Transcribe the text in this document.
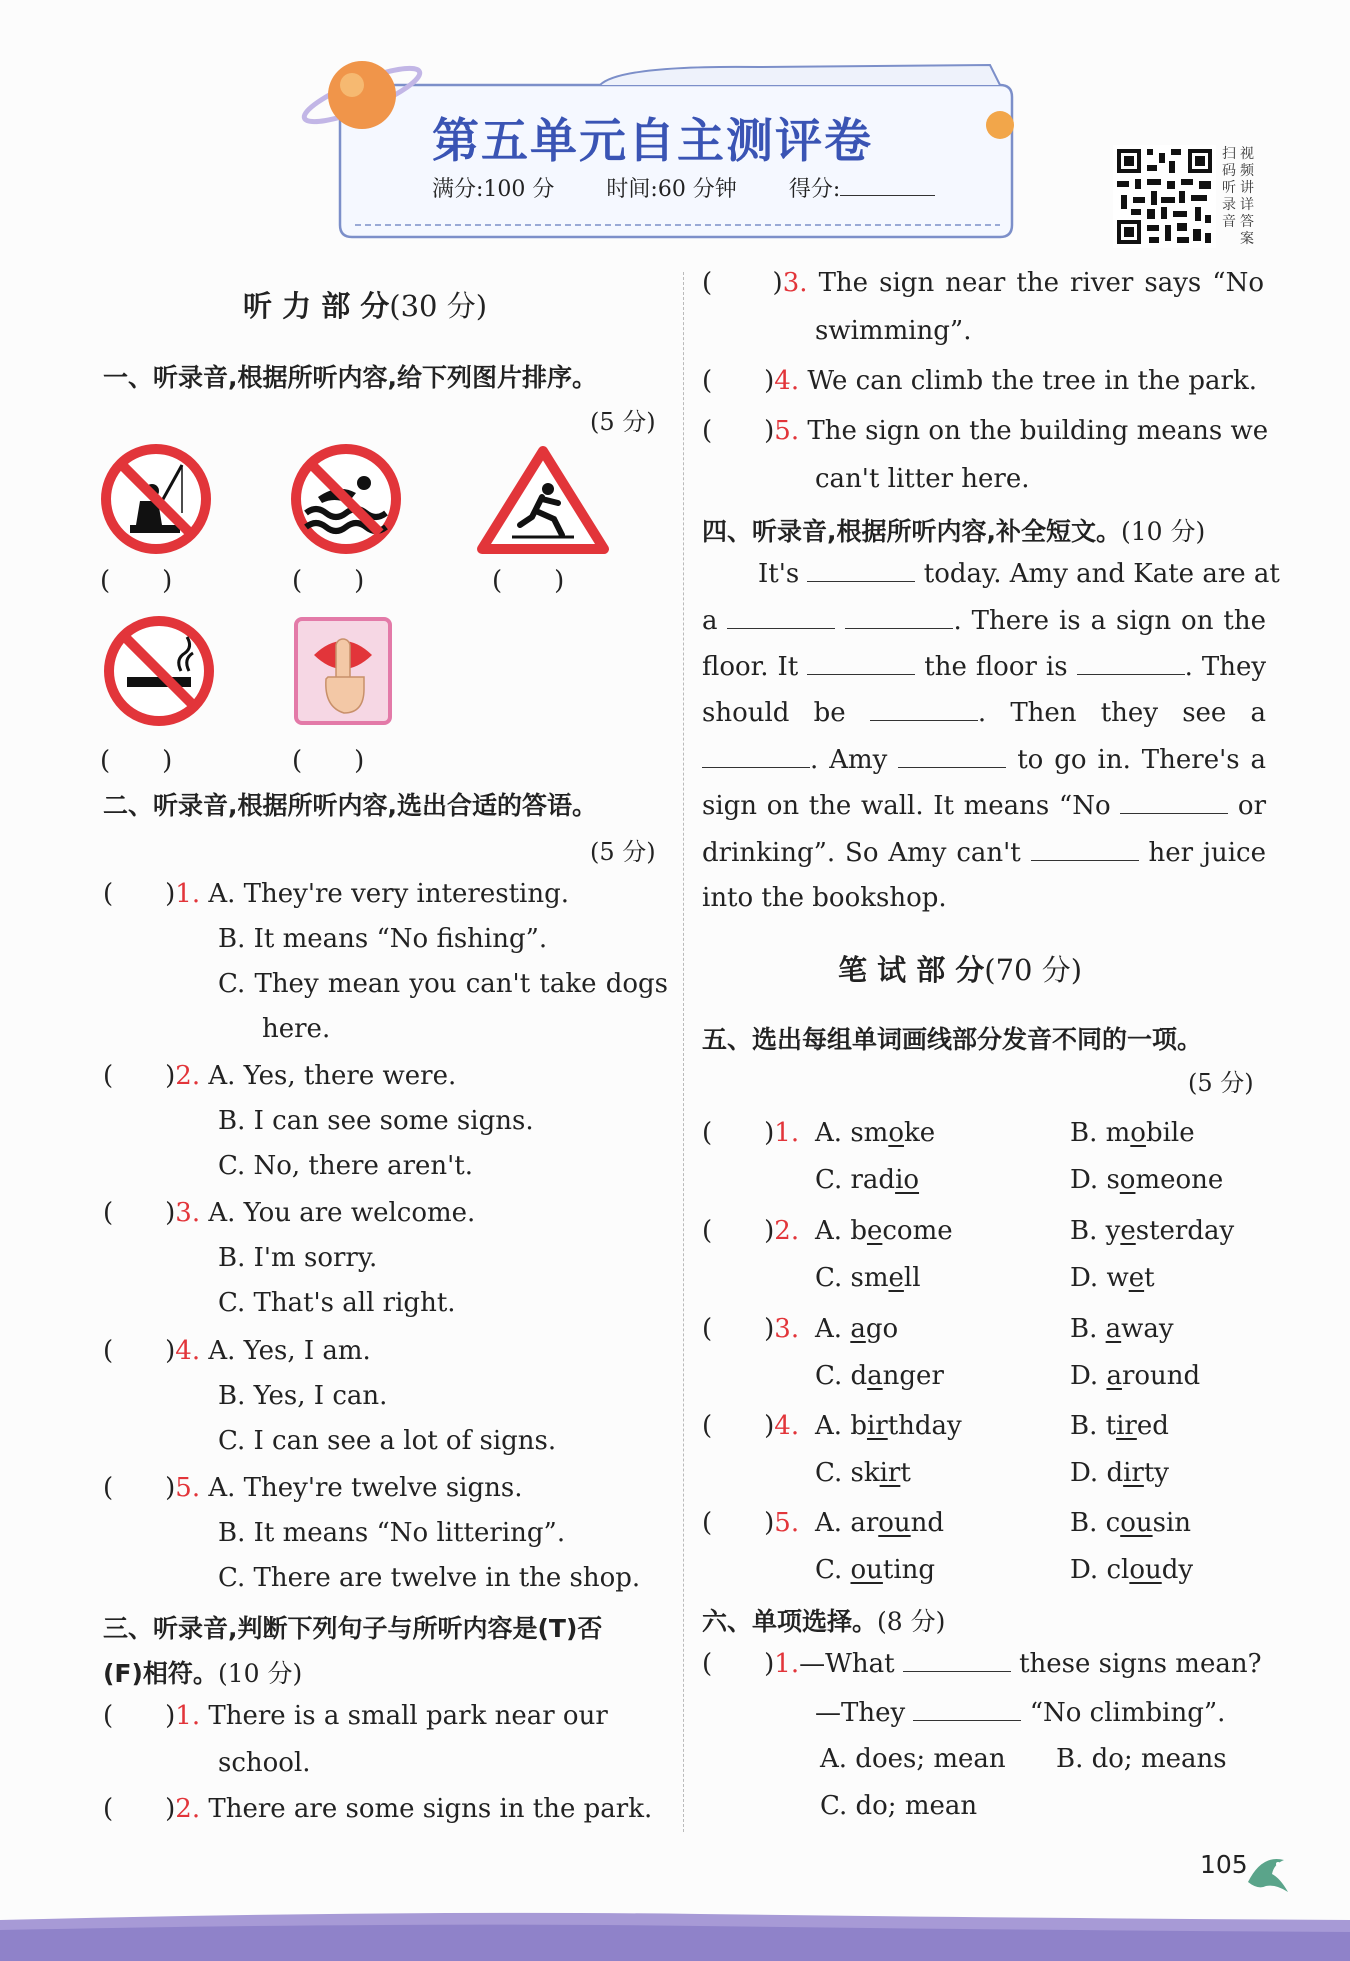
第五单元自主测评卷
满分:100 分 时间:60 分钟 得分:
扫码听录音
视频讲详答案
听 力 部 分(30 分)
一、听录音,根据所听内容,给下列图片排序。
(5 分)
(　　)	(　　)	(　　)
(　　)	(　　)
二、听录音,根据所听内容,选出合适的答语。
(5 分)
(　　)1. A. They're very interesting.
B. It means “No fishing”.
C. They mean you can't take dogs
here.
(　　)2. A. Yes, there were.
B. I can see some signs.
C. No, there aren't.
(　　)3. A. You are welcome.
B. I'm sorry.
C. That's all right.
(　　)4. A. Yes, I am.
B. Yes, I can.
C. I can see a lot of signs.
(　　)5. A. They're twelve signs.
B. It means “No littering”.
C. There are twelve in the shop.
三、听录音,判断下列句子与所听内容是(T)否
(F)相符。(10 分)
(　　)1. There is a small park near our
school.
(　　)2. There are some signs in the park.
(　　)3. The sign near the river says “No
swimming”.
(　　)4. We can climb the tree in the park.
(　　)5. The sign on the building means we
can't litter here.
四、听录音,根据所听内容,补全短文。(10 分)
It's	today. Amy and Kate are at
a	. There is a sign on the
floor. It	the floor is	. They
should be	. Then they see a
. Amy	to go in. There's a
sign on the wall. It means “No	or
drinking”. So Amy can't	her juice
into the bookshop.
笔 试 部 分(70 分)
五、选出每组单词画线部分发音不同的一项。
(5 分)
(　　)1. A. smoke	B. mobile
C. radio	D. someone
(　　)2. A. become	B. yesterday
C. smell	D. wet
(　　)3. A. ago	B. away
C. danger	D. around
(　　)4. A. birthday	B. tired
C. skirt	D. dirty
(　　)5. A. around	B. cousin
C. outing	D. cloudy
六、单项选择。(8 分)
(　　)1.—What	these signs mean?
—They	“No climbing”.
A. does; mean B. do; means
C. do; mean
105
